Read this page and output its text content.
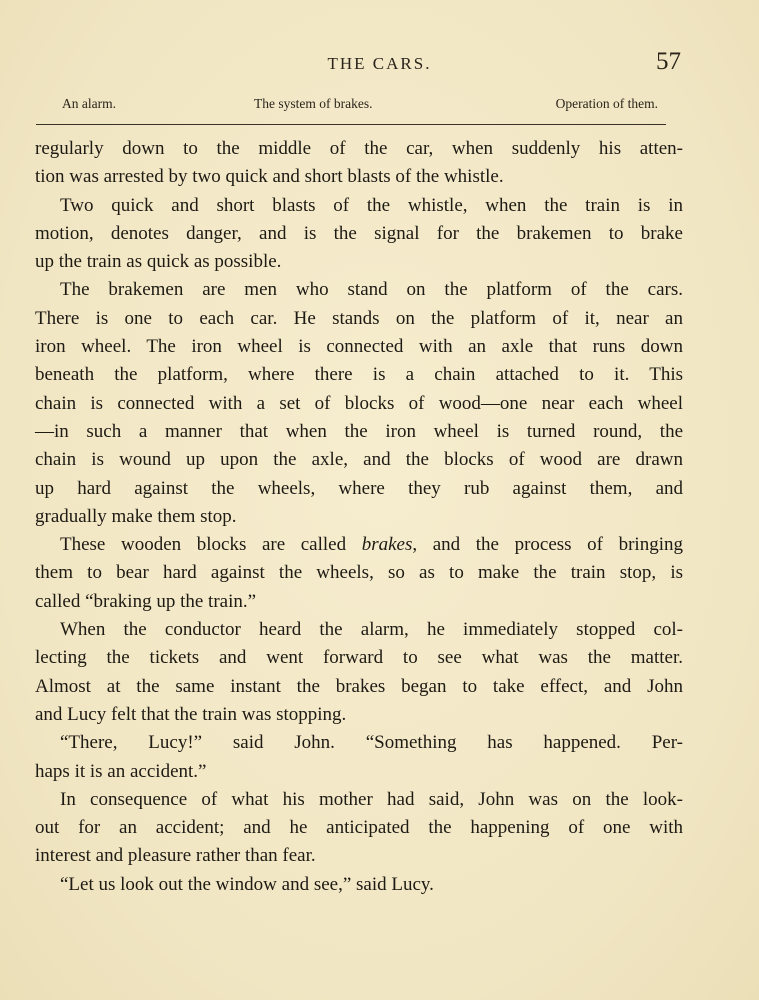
THE CARS.	57
An alarm.	The system of brakes.	Operation of them.
regularly down to the middle of the car, when suddenly his atten-
tion was arrested by two quick and short blasts of the whistle.
Two quick and short blasts of the whistle, when the train is in
motion, denotes danger, and is the signal for the brakemen to brake
up the train as quick as possible.
The brakemen are men who stand on the platform of the cars.
There is one to each car. He stands on the platform of it, near an
iron wheel. The iron wheel is connected with an axle that runs down
beneath the platform, where there is a chain attached to it. This
chain is connected with a set of blocks of wood—one near each wheel
—in such a manner that when the iron wheel is turned round, the
chain is wound up upon the axle, and the blocks of wood are drawn
up hard against the wheels, where they rub against them, and
gradually make them stop.
These wooden blocks are called brakes, and the process of bringing
them to bear hard against the wheels, so as to make the train stop, is
called “braking up the train.”
When the conductor heard the alarm, he immediately stopped col-
lecting the tickets and went forward to see what was the matter.
Almost at the same instant the brakes began to take effect, and John
and Lucy felt that the train was stopping.
“There, Lucy!” said John. “Something has happened. Per-
haps it is an accident.”
In consequence of what his mother had said, John was on the look-
out for an accident; and he anticipated the happening of one with
interest and pleasure rather than fear.
“Let us look out the window and see,” said Lucy.
